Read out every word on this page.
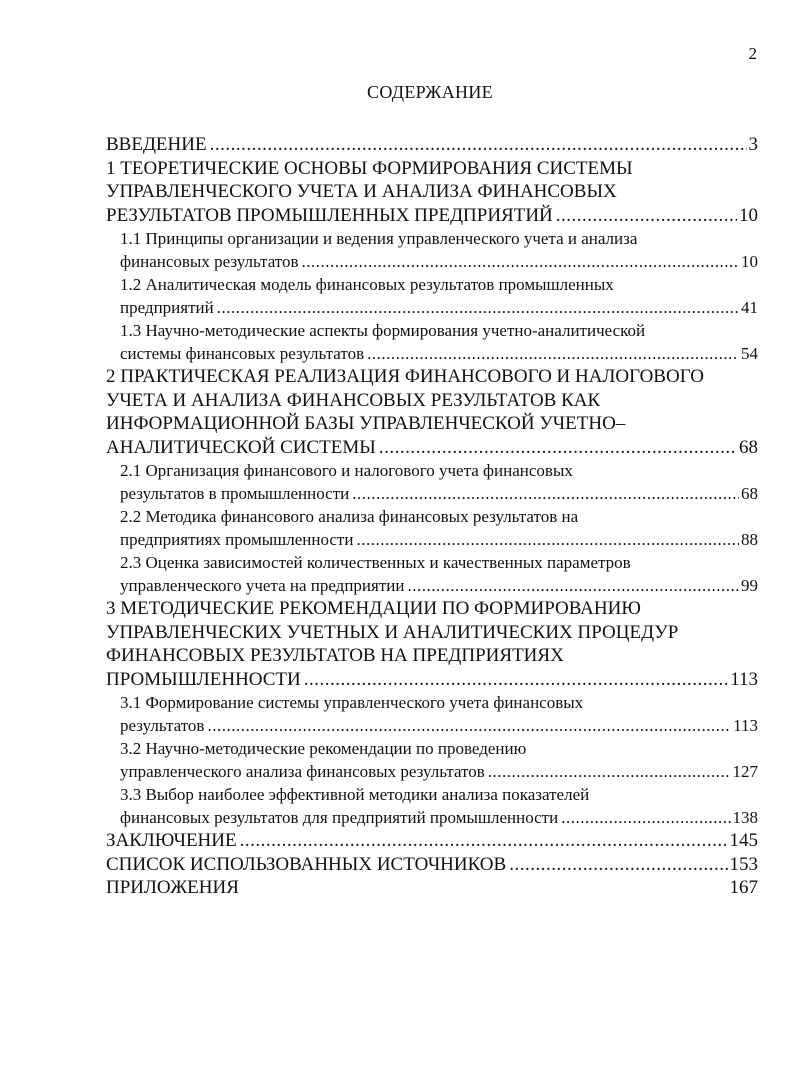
2
СОДЕРЖАНИЕ
ВВЕДЕНИЕ .....	3
1 ТЕОРЕТИЧЕСКИЕ ОСНОВЫ ФОРМИРОВАНИЯ СИСТЕМЫ
УПРАВЛЕНЧЕСКОГО УЧЕТА И АНАЛИЗА ФИНАНСОВЫХ
РЕЗУЛЬТАТОВ ПРОМЫШЛЕННЫХ ПРЕДПРИЯТИЙ .....	10
1.1 Принципы организации и ведения управленческого учета и анализа
финансовых результатов .....	10
1.2 Аналитическая модель финансовых результатов промышленных
предприятий .....	41
1.3 Научно-методические аспекты формирования учетно-аналитической
системы финансовых результатов .....	54
2 ПРАКТИЧЕСКАЯ РЕАЛИЗАЦИЯ ФИНАНСОВОГО И НАЛОГОВОГО
УЧЕТА И АНАЛИЗА ФИНАНСОВЫХ РЕЗУЛЬТАТОВ КАК
ИНФОРМАЦИОННОЙ БАЗЫ УПРАВЛЕНЧЕСКОЙ УЧЕТНО–
АНАЛИТИЧЕСКОЙ СИСТЕМЫ .....	68
2.1 Организация финансового и налогового учета финансовых
результатов в промышленности .....	68
2.2 Методика финансового анализа финансовых результатов на
предприятиях промышленности .....	88
2.3 Оценка зависимостей количественных и качественных параметров
управленческого учета на предприятии .....	99
3 МЕТОДИЧЕСКИЕ РЕКОМЕНДАЦИИ ПО ФОРМИРОВАНИЮ
УПРАВЛЕНЧЕСКИХ УЧЕТНЫХ И АНАЛИТИЧЕСКИХ ПРОЦЕДУР
ФИНАНСОВЫХ РЕЗУЛЬТАТОВ НА ПРЕДПРИЯТИЯХ
ПРОМЫШЛЕННОСТИ .....	113
3.1 Формирование системы управленческого учета финансовых
результатов .....	113
3.2 Научно-методические рекомендации по проведению
управленческого анализа финансовых результатов .....	127
3.3 Выбор наиболее эффективной методики анализа показателей
финансовых результатов для предприятий промышленности .....	138
ЗАКЛЮЧЕНИЕ .....	145
СПИСОК ИСПОЛЬЗОВАННЫХ ИСТОЧНИКОВ .....	153
ПРИЛОЖЕНИЯ	167
